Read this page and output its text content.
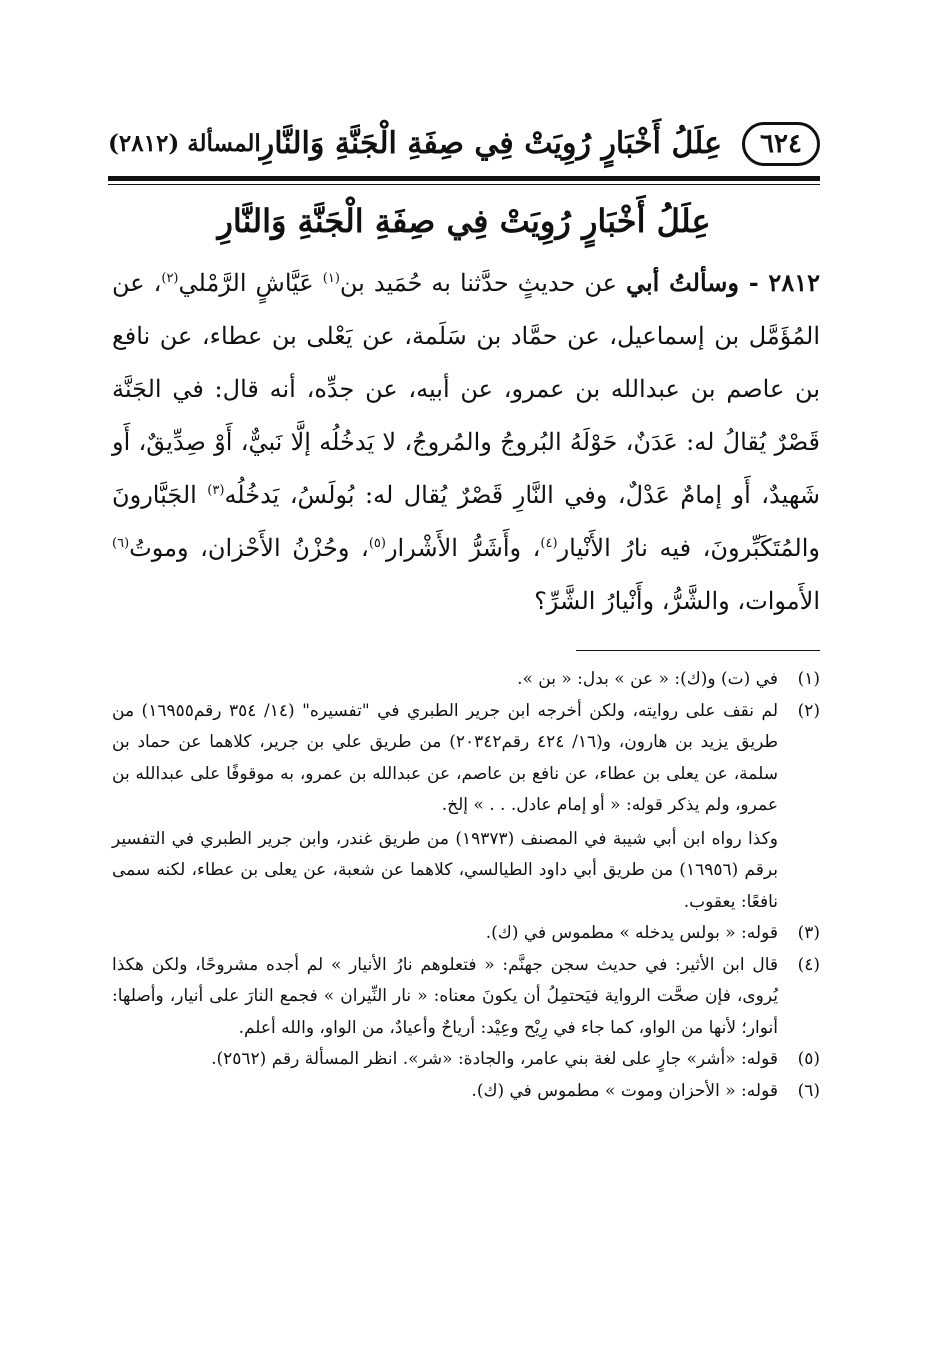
٦٢٤
عِلَلُ أَخْبَارٍ رُوِيَتْ فِي صِفَةِ الْجَنَّةِ وَالنَّارِ
المسألة (٢٨١٢)
عِلَلُ أَخْبَارٍ رُوِيَتْ فِي صِفَةِ الْجَنَّةِ وَالنَّارِ

٢٨١٢ - وسألتُ أبي عن حديثٍ حدَّثنا به حُمَيد بن$^{(١)}$ عَيَّاشٍ الرَّمْلي$^{(٢)}$، عن المُؤَمَّل بن إسماعيل، عن حمَّاد بن سَلَمة، عن يَعْلى بن عطاء، عن نافع بن عاصم بن عبدالله بن عمرو، عن أبيه، عن جدِّه، أنه قال: في الجَنَّة قَصْرٌ يُقالُ له: عَدَنٌ، حَوْلَهُ البُروجُ والمُروجُ، لا يَدخُلُه إلَّا نَبيٌّ، أَوْ صِدِّيقٌ، أَو شَهيدٌ، أَو إمامٌ عَدْلٌ، وفي النَّارِ قَصْرٌ يُقال له: بُولَسُ، يَدخُلُه$^{(٣)}$ الجَبَّارونَ والمُتَكَبِّرونَ، فيه نارُ الأَنْيار$^{(٤)}$، وأَشَرُّ الأَشْرار$^{(٥)}$، وحُزْنُ الأَحْزان، وموتُ$^{(٦)}$ الأَموات، والشَّرُّ، وأَنْيارُ الشَّرِّ؟

(١)

في (ت) و(ك): « عن » بدل: « بن ».

(٢)

لم نقف على روايته، ولكن أخرجه ابن جرير الطبري في "تفسيره" (١٤/ ٣٥٤ رقم١٦٩٥٥) من طريق يزيد بن هارون، و(١٦/ ٤٢٤ رقم٢٠٣٤٢) من طريق علي بن جرير، كلاهما عن حماد بن سلمة، عن يعلى بن عطاء، عن نافع بن عاصم، عن عبدالله بن عمرو، به موقوفًا على عبدالله بن عمرو، ولم يذكر قوله: « أو إمام عادل. . . » إلخ.

وكذا رواه ابن أبي شيبة في المصنف (١٩٣٧٣) من طريق غندر، وابن جرير الطبري في التفسير برقم (١٦٩٥٦) من طريق أبي داود الطيالسي، كلاهما عن شعبة، عن يعلى بن عطاء، لكنه سمى نافعًا: يعقوب.

(٣)

قوله: « بولس يدخله » مطموس في (ك).

(٤)

قال ابن الأثير: في حديث سجن جهنَّم: « فتعلوهم نارُ الأنيار » لم أجده مشروحًا، ولكن هكذا يُروى، فإن صحَّت الرواية فيَحتمِلُ أن يكونَ معناه: « نار النِّيران » فجمع النارَ على أنيار، وأصلها: أنوار؛ لأنها من الواو، كما جاء في رِيْح وعِيْد: أرياحٌ وأعيادٌ، من الواو، والله أعلم.

(٥)

قوله: «أشر» جارٍ على لغة بني عامر، والجادة: «شر». انظر المسألة رقم (٢٥٦٢).

(٦)

قوله: « الأحزان وموت » مطموس في (ك).
